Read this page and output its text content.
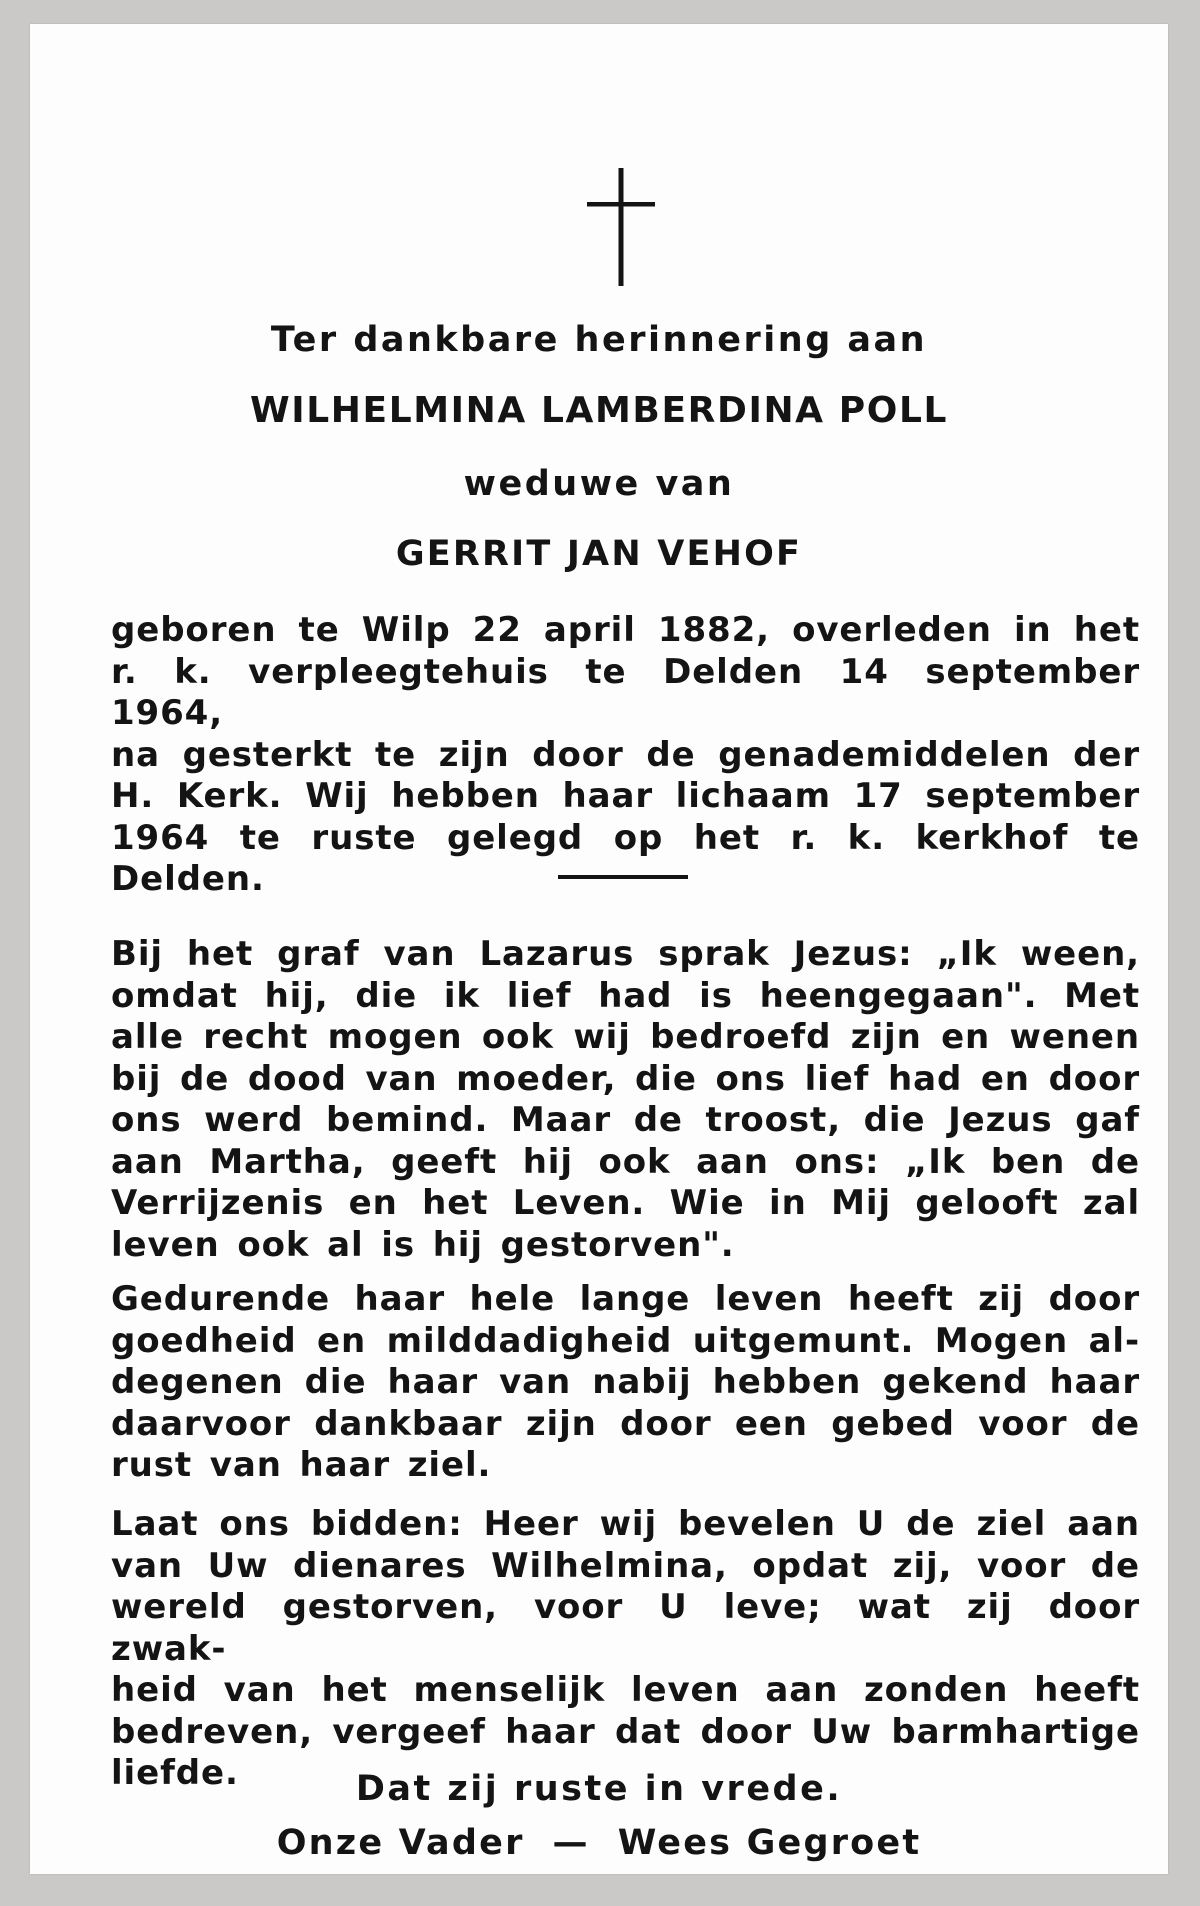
Ter dankbare herinnering aan
WILHELMINA LAMBERDINA POLL
weduwe van
GERRIT JAN VEHOF
geboren te Wilp 22 april 1882, overleden in het
r. k. verpleegtehuis te Delden 14 september 1964,
na gesterkt te zijn door de genademiddelen der
H. Kerk. Wij hebben haar lichaam 17 september
1964 te ruste gelegd op het r. k. kerkhof te Delden.
Bij het graf van Lazarus sprak Jezus: „Ik ween,
omdat hij, die ik lief had is heengegaan". Met
alle recht mogen ook wij bedroefd zijn en wenen
bij de dood van moeder, die ons lief had en door
ons werd bemind. Maar de troost, die Jezus gaf
aan Martha, geeft hij ook aan ons: „Ik ben de
Verrijzenis en het Leven. Wie in Mij gelooft zal
leven ook al is hij gestorven".
Gedurende haar hele lange leven heeft zij door
goedheid en milddadigheid uitgemunt. Mogen al-
degenen die haar van nabij hebben gekend haar
daarvoor dankbaar zijn door een gebed voor de
rust van haar ziel.
Laat ons bidden: Heer wij bevelen U de ziel aan
van Uw dienares Wilhelmina, opdat zij, voor de
wereld gestorven, voor U leve; wat zij door zwak-
heid van het menselijk leven aan zonden heeft
bedreven, vergeef haar dat door Uw barmhartige
liefde.	Dat zij ruste in vrede.
Onze Vader — Wees Gegroet
